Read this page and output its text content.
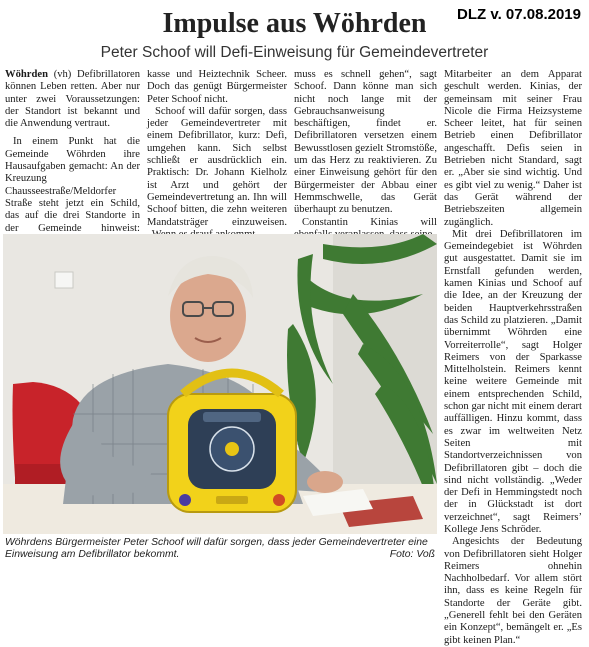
DLZ v. 07.08.2019
Impulse aus Wöhrden
Peter Schoof will Defi-Einweisung für Gemeindevertreter

Wöhrden (vh) Defibrillatoren können Leben retten. Aber nur unter zwei Voraussetzungen: der Standort ist bekannt und die Anwendung vertraut.

In einem Punkt hat die Gemeinde Wöhrden ihre Hausaufgaben gemacht: An der Kreuzung Chausseestraße/Meldorfer Straße steht jetzt ein Schild, das auf die drei Standorte in der Gemeinde hinweist:

kasse und Heiztechnik Scheer. Doch das genügt Bürgermeister Peter Schoof nicht.

Schoof will dafür sorgen, dass jeder Gemeindevertreter mit einem Defibrillator, kurz: Defi, umgehen kann. Sich selbst schließt er ausdrücklich ein. Praktisch: Dr. Johann Kielholz ist Arzt und gehört der Gemeindevertretung an. Ihn will Schoof bitten, die zehn weiteren Mandatsträger einzuweisen.

muss es schnell gehen“, sagt Schoof. Dann könne man sich nicht noch lange mit der Gebrauchsanweisung beschäftigen, findet er. Defibrillatoren versetzen einem Bewusstlosen gezielt Stromstöße, um das Herz zu reaktivieren. Zu einer Einweisung gehört für den Bürgermeister der Abbau einer Hemmschwelle, das Gerät überhaupt zu benutzen.

Constantin Kinias will

Mitarbeiter an dem Apparat geschult werden. Kinias, der gemeinsam mit seiner Frau Nicole die Firma Heizsysteme Scheer leitet, hat für seinen Betrieb einen Defibrillator angeschafft. Defis seien in Betrieben nicht Standard, sagt er. „Aber sie sind wichtig. Und es gibt viel zu wenig.“ Daher ist das Gerät während der Betriebszeiten allgemein zugänglich.

Mit drei Defibrillatoren im Gemeindegebiet ist Wöhrden gut ausgestattet. Damit sie im Ernstfall gefunden werden, kamen Kinias und Schoof auf die Idee, an der Kreuzung der beiden Hauptverkehrsstraßen das Schild zu platzieren. „Damit übernimmt Wöhrden eine Vorreiterrolle“, sagt Holger Reimers von der Sparkasse Mittelholstein. Reimers kennt keine weitere Gemeinde mit einem entsprechenden Schild, schon gar nicht mit einem derart auffälligen. Hinzu kommt, dass es zwar im weltweiten Netz Seiten mit Standortverzeichnissen von Defibrillatoren gibt – doch die sind nicht vollständig. „Weder der Defi in Hemmingstedt noch der in Glückstadt ist dort verzeichnet“, sagt Reimers’ Kollege Jens Schröder.

Angesichts der Bedeutung von Defibrillatoren sieht Holger Reimers ohnehin Nachholbedarf. Vor allem stört ihn, dass es keine Regeln für Standorte der Geräte gibt. „Generell fehlt bei den Geräten ein Konzept“, bemängelt er. „Es gibt keinen Plan.“

Wöhrdens Bürgermeister Peter Schoof will dafür sorgen, dass jeder Gemeindevertreter eine Einweisung am Defibrillator bekommt.	Foto: Voß
